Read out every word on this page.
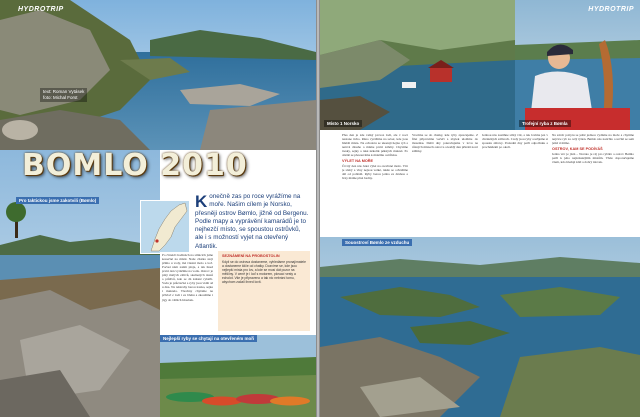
HYDROTRIP
text: Roman Vytásek
foto: Michal Forst
Pro taktickou jsme zakotvili (Bømlo)
BOMLO 2010
Konečně zas po roce vyrážíme na moře. Našim cílem je Norsko, přesněji ostrov Bømlo, jižně od Bergenu. Podle mapy a vyprávění kamarádů je to nejhezčí místo, se spoustou ostrůvků, ale i s možností vyjet na otevřený Atlantik.

Po čtrnácti hodinách na silnicích jsme konečně na místě. Naše chatka stojí přímo u vody, má vlastní molo a loď. Počasí nám zatím přeje, a tak hned první den vyrážíme na vodu. Ostrov je plný malých zálivů, skalnatých útesů a průlivů, kde se dá krásně rybařit. Voda je průzračná a ryby jsou vidět až u dna. Na nástrahy berou treska, sejka i makrela. Všechny chytáme na přívlač z lodi i ze břehu a zkoušíme i jigy do větších hloubek.

SEZNÁMENÍ NA PROBOSTOLIN
Když se do ostrova dostaneme, vyhledáme pronajímatele a dostaneme klíče od chatky. Dozvíme se, kde jsou nejlepší místa pro lov, a kde se musí dát pozor na mělčiny. V ceně je i loď s motorem, plovací vesty a echolot. Vše je připraveno a tak nic nebrání tomu, abychom začali ihned lovit.
Nejlepší ryby se chytají na otevřeném moři
Místo 1 Norsko
HYDROTRIP
Trofejní ryba z Bømla

Přes den je zde velký provoz lodí, ale v noci nastane ticho. Ráno vyrážíme na sever, kde jsou hlubší místa. Na echolotu se ukazují hejna ryb a netrvá dlouho a máme první záběry. Chytáme tresky, sejky a také několik pěkných makrel. Po obědě se přesouváme k malému ostrůvku.

VÝLET NA MOŘE

Čtvrtý den nás čeká výlet na otevřené moře. Vítr je slabý a vlny nejsou velké, takže se odvážíme dál od pobřeží. Ryby berou jedna za druhou a brzy máme plné bedny.

Vracíme se do chatky, kde ryby zpracujeme. Z filet připravíme večeři a zbytek uložíme do mrazáku. Další dny pokračujeme v lovu na různých místech ostrova a každý den přináší nové zážitky.

Jednou nás zastihne silný vítr, a tak lovíme jen v chráněných zálivech. I tady jsou ryby a užijeme si spoustu zábavy. Poslední dny patří odpočinku a procházkám po okolí.

Na závěr pobytu se ještě jednou vydáme na moře a chytíme nejvíce ryb za celý týden. Bømlo nás nadchlo a určitě se sem ještě vrátíme.

OSTROV, KAM SE PODÍVÁŠ

Jedna věc je jistá – Norsko je ráj pro rybáře a ostrov Bømlo patří k jeho nejkrásnějším místům. Vřele doporučujeme všem, kdo hledají klid a dobrý úlovek.

Souostroví Bømlo ze vzduchu
